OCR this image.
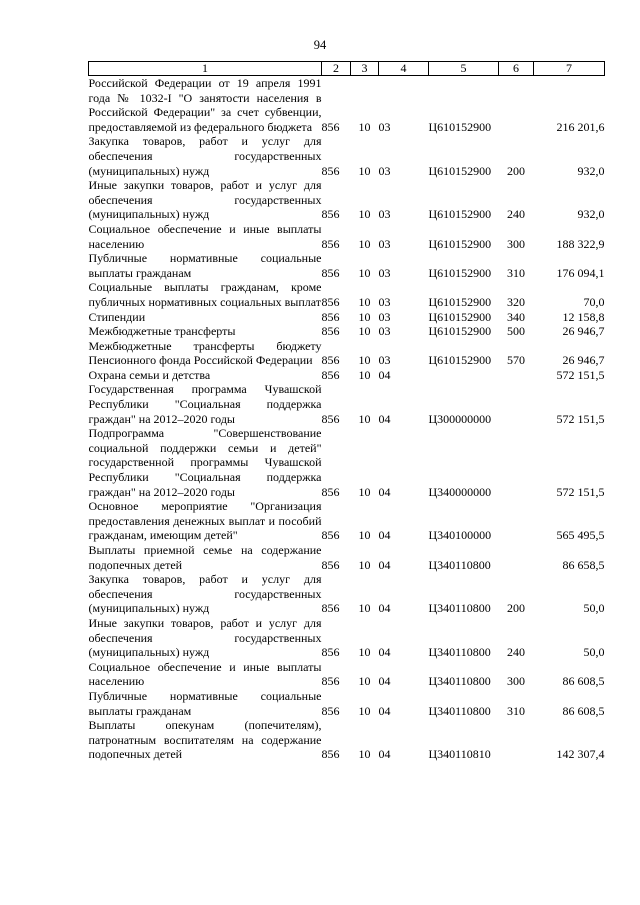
94
1	2	3	4	5	6	7
Российской Федерации от 19 апреля 1991 года № 1032-I "О занятости населения в Российской Федерации" за счет субвенции, предоставляемой из федерального бюджета	856	10	03	Ц610152900		216 201,6
Закупка товаров, работ и услуг для обеспечения государственных (муниципальных) нужд	856	10	03	Ц610152900	200	932,0
Иные закупки товаров, работ и услуг для обеспечения государственных (муниципальных) нужд	856	10	03	Ц610152900	240	932,0
Социальное обеспечение и иные выплаты населению	856	10	03	Ц610152900	300	188 322,9
Публичные нормативные социальные выплаты гражданам	856	10	03	Ц610152900	310	176 094,1
Социальные выплаты гражданам, кроме публичных нормативных социальных выплат	856	10	03	Ц610152900	320	70,0
Стипендии	856	10	03	Ц610152900	340	12 158,8
Межбюджетные трансферты	856	10	03	Ц610152900	500	26 946,7
Межбюджетные трансферты бюджету Пенсионного фонда Российской Федерации	856	10	03	Ц610152900	570	26 946,7
Охрана семьи и детства	856	10	04			572 151,5
Государственная программа Чувашской Республики "Социальная поддержка граждан" на 2012–2020 годы	856	10	04	Ц300000000		572 151,5
Подпрограмма "Совершенствование социальной поддержки семьи и детей" государственной программы Чувашской Республики "Социальная поддержка граждан" на 2012–2020 годы	856	10	04	Ц340000000		572 151,5
Основное мероприятие "Организация предоставления денежных выплат и пособий гражданам, имеющим детей"	856	10	04	Ц340100000		565 495,5
Выплаты приемной семье на содержание подопечных детей	856	10	04	Ц340110800		86 658,5
Закупка товаров, работ и услуг для обеспечения государственных (муниципальных) нужд	856	10	04	Ц340110800	200	50,0
Иные закупки товаров, работ и услуг для обеспечения государственных (муниципальных) нужд	856	10	04	Ц340110800	240	50,0
Социальное обеспечение и иные выплаты населению	856	10	04	Ц340110800	300	86 608,5
Публичные нормативные социальные выплаты гражданам	856	10	04	Ц340110800	310	86 608,5
Выплаты опекунам (попечителям), патронатным воспитателям на содержание подопечных детей	856	10	04	Ц340110810		142 307,4
